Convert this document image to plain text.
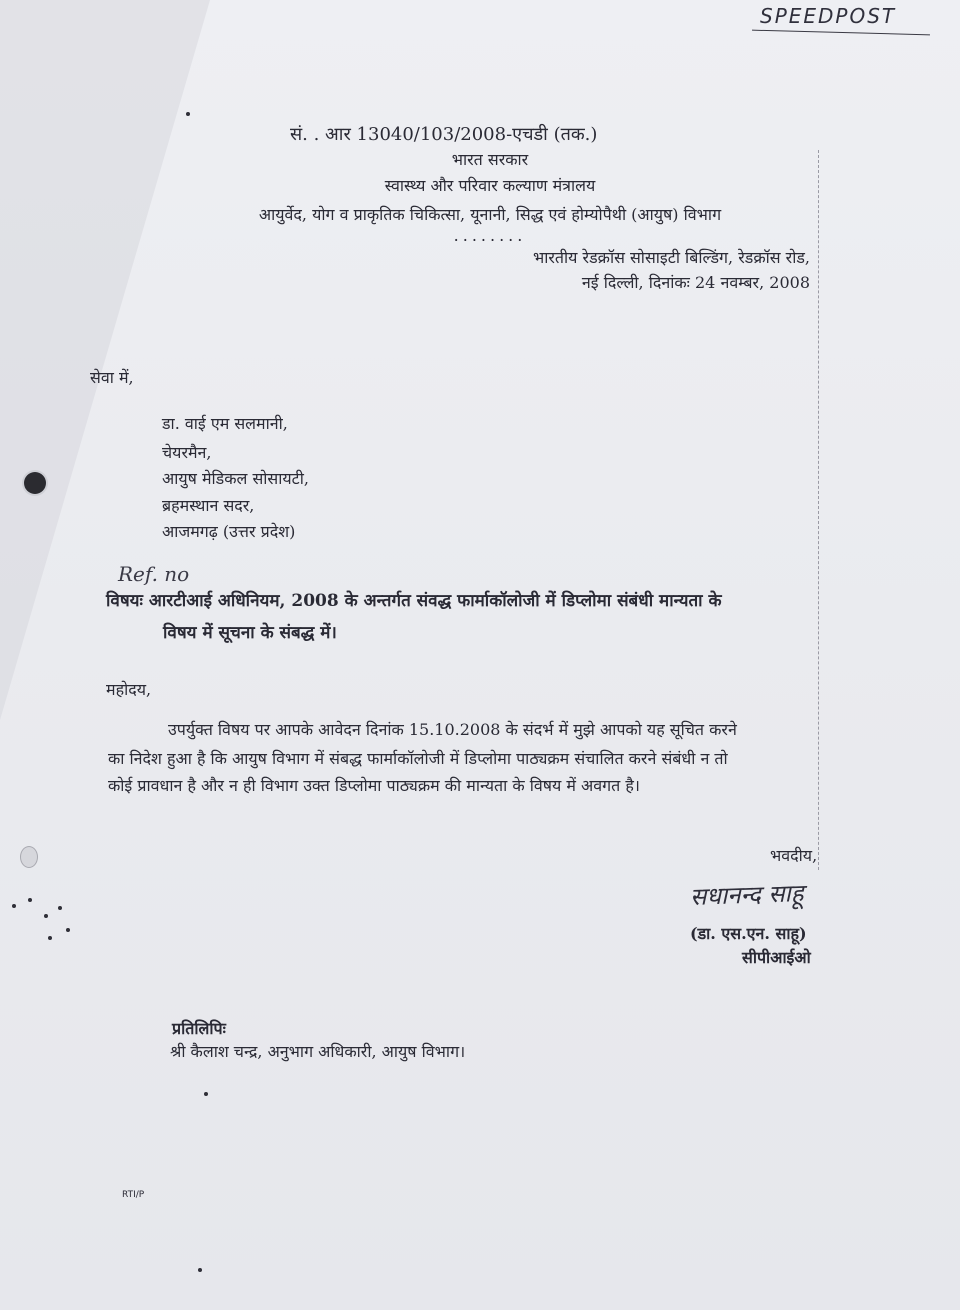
SPEEDPOST
सं. . आर 13040/103/2008-एचडी (तक.)
भारत सरकार
स्वास्थ्य और परिवार कल्याण मंत्रालय
आयुर्वेद, योग व प्राकृतिक चिकित्सा, यूनानी, सिद्ध एवं होम्योपैथी (आयुष) विभाग
........
भारतीय रेडक्रॉस सोसाइटी बिल्डिंग, रेडक्रॉस रोड,
नई दिल्ली, दिनांकः 24 नवम्बर, 2008
सेवा में,
डा. वाई एम सलमानी,
चेयरमैन,
आयुष मेडिकल सोसायटी,
ब्रहमस्थान सदर,
आजमगढ़ (उत्तर प्रदेश)
Ref. no
विषयः आरटीआई अधिनियम, 2008 के अन्तर्गत संवद्ध फार्माकॉलोजी में डिप्लोमा संबंधी मान्यता के
विषय में सूचना के संबद्ध में।
महोदय,
उपर्युक्त विषय पर आपके आवेदन दिनांक 15.10.2008 के संदर्भ में मुझे आपको यह सूचित करने
का निदेश हुआ है कि आयुष विभाग में संबद्ध फार्माकॉलोजी में डिप्लोमा पाठ्यक्रम संचालित करने संबंधी न तो
कोई प्रावधान है और न ही विभाग उक्त डिप्लोमा पाठ्यक्रम की मान्यता के विषय में अवगत है।
भवदीय,
सधानन्द साहू
(डा. एस.एन. साहू)
सीपीआईओ
प्रतिलिपिः
श्री कैलाश चन्द्र, अनुभाग अधिकारी, आयुष विभाग।
RTI/P
